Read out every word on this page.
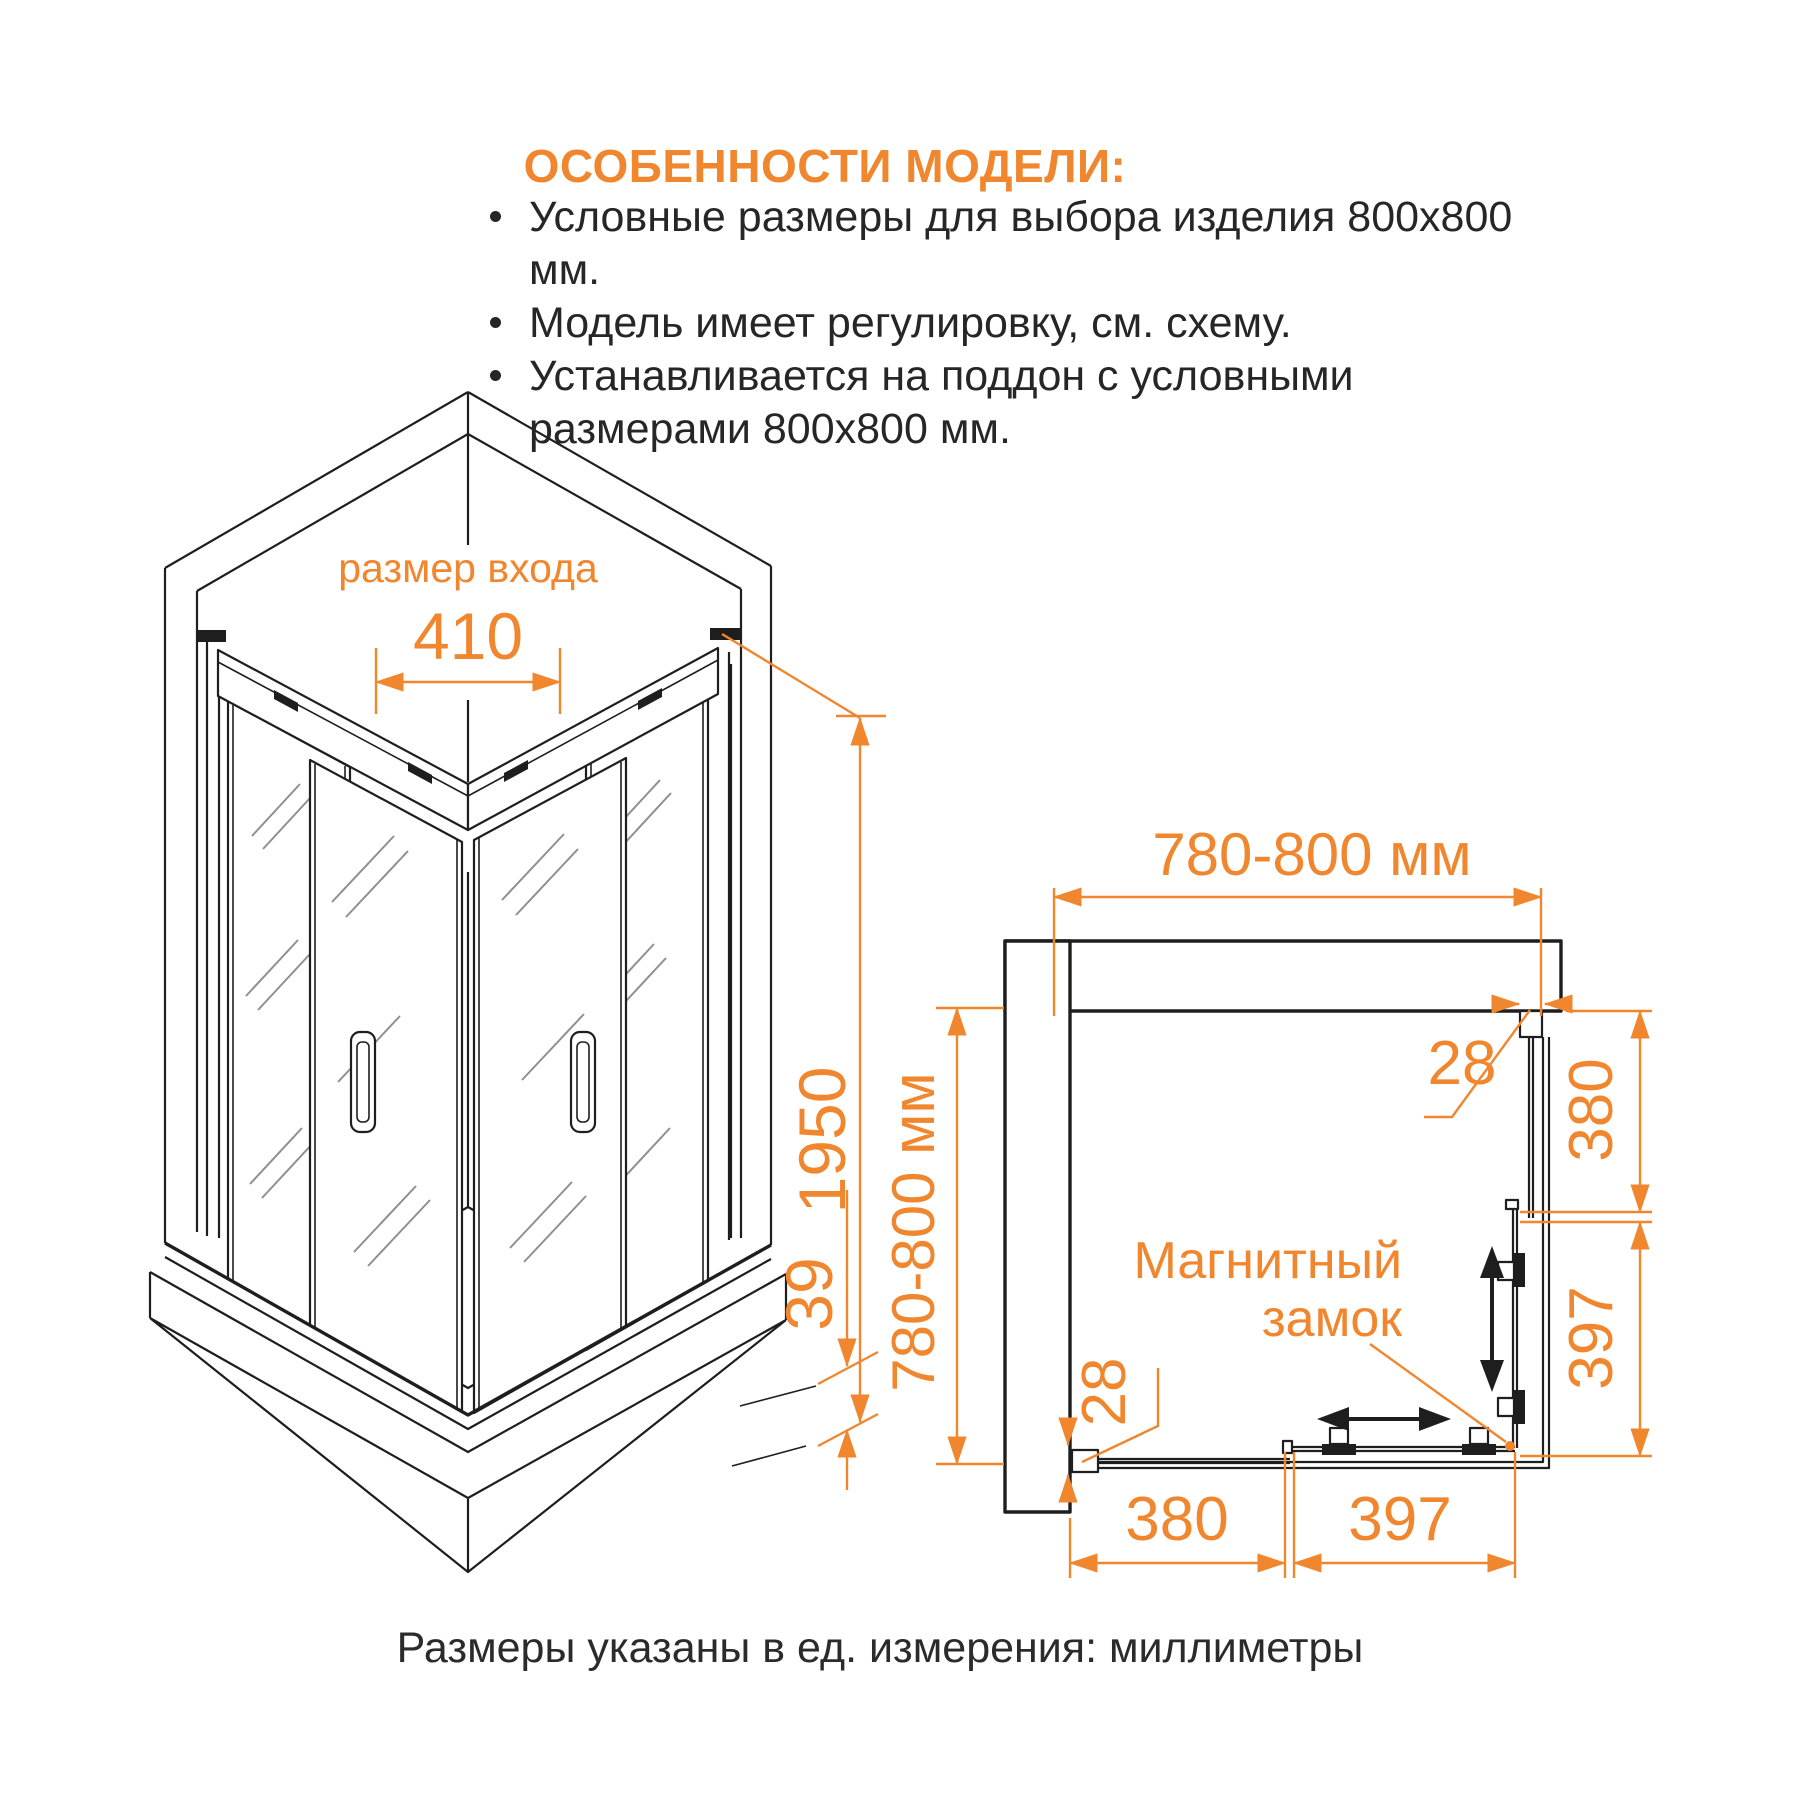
ОСОБЕННОСТИ МОДЕЛИ:
Условные размеры для выбора изделия 800x800 мм.
Модель имеет регулировку, см. схему.
Устанавливается на поддон с условными размерами 800x800 мм.
размер входа
410
1950
39
780-800 мм
780-800 мм
28
28
380
397
380	397
Магнитный
замок
Размеры указаны в ед. измерения: миллиметры
